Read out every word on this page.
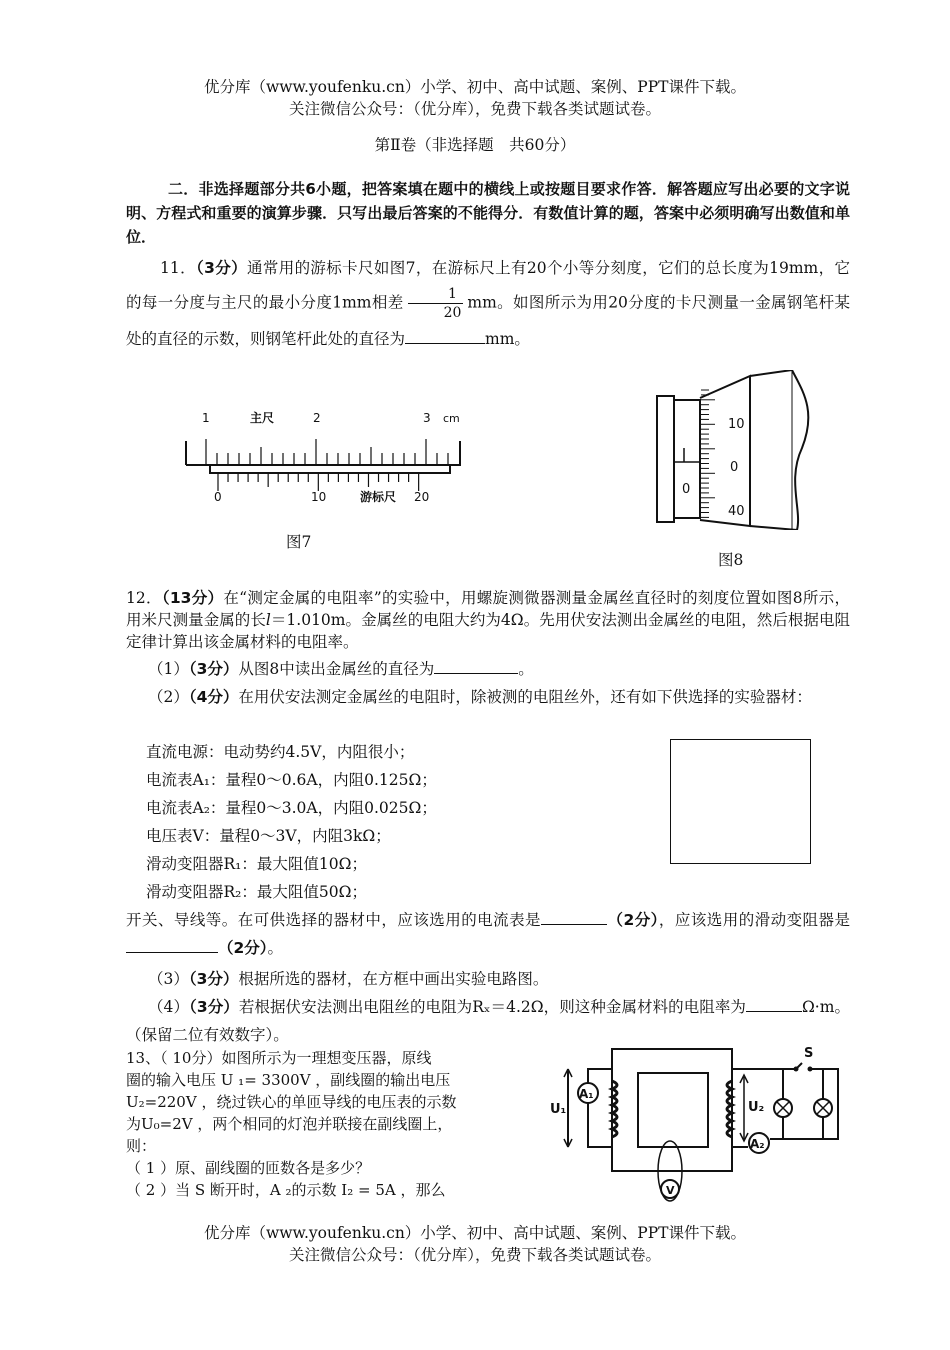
优分库（www.youfenku.cn）小学、初中、高中试题、案例、PPT课件下载。
关注微信公众号：（优分库），免费下载各类试题试卷。
第Ⅱ卷（非选择题　共60分）
二．非选择题部分共6小题，把答案填在题中的横线上或按题目要求作答．解答题应写出必要的文字说明、方程式和重要的演算步骤．只写出最后答案的不能得分．有数值计算的题，答案中必须明确写出数值和单位．
11．（3分）通常用的游标卡尺如图7，在游标尺上有20个小等分刻度，它们的总长度为19mm，它的每一分度与主尺的最小分度1mm相差 $\frac{1}{20}$ mm。如图所示为用20分度的卡尺测量一金属钢笔杆某处的直径的示数，则钢笔杆此处的直径为	mm。
1	2	3 cm
主尺
0	10	20
游标尺
图7
10
0
40
0
图8
12．（13分）在“测定金属的电阻率”的实验中，用螺旋测微器测量金属丝直径时的刻度位置如图8所示，用米尺测量金属的长l＝1.010m。金属丝的电阻大约为4Ω。先用伏安法测出金属丝的电阻，然后根据电阻定律计算出该金属材料的电阻率。
（1）（3分）从图8中读出金属丝的直径为	。
（2）（4分）在用伏安法测定金属丝的电阻时，除被测的电阻丝外，还有如下供选择的实验器材：
直流电源：电动势约4.5V，内阻很小；
电流表A₁：量程0～0.6A，内阻0.125Ω；
电流表A₂：量程0～3.0A，内阻0.025Ω；
电压表V：量程0～3V，内阻3kΩ；
滑动变阻器R₁：最大阻值10Ω；
滑动变阻器R₂：最大阻值50Ω；
开关、导线等。在可供选择的器材中，应该选用的电流表是	（2分），应该选用的滑动变阻器是（2分）。
（3）（3分）根据所选的器材，在方框中画出实验电路图。
（4）（3分）若根据伏安法测出电阻丝的电阻为Rₓ＝4.2Ω，则这种金属材料的电阻率为	Ω·m。（保留二位有效数字）。
13、（ 10分）如图所示为一理想变压器，原线
圈的输入电压 U ₁= 3300V ，副线圈的输出电压
U₂=220V ，绕过铁心的单匝导线的电压表的示数
为U₀=2V ，两个相同的灯泡并联接在副线圈上，
则：
（ 1 ）原、副线圈的匝数各是多少？
（ 2 ）当 S 断开时，A ₂的示数 I₂ = 5A ，那么
A₁
A₂
U₁	U₂
S
V
优分库（www.youfenku.cn）小学、初中、高中试题、案例、PPT课件下载。
关注微信公众号：（优分库），免费下载各类试题试卷。
